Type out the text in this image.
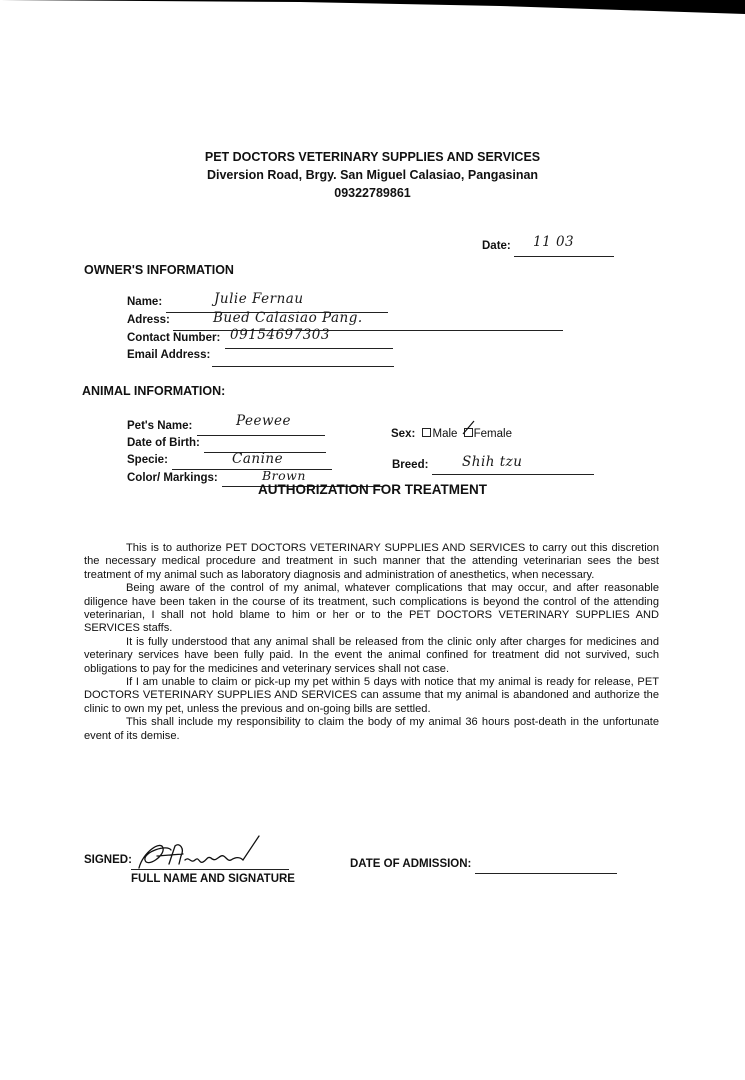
PET DOCTORS VETERINARY SUPPLIES AND SERVICES
Diversion Road, Brgy. San Miguel Calasiao, Pangasinan
09322789861
Date: 11 03
OWNER'S INFORMATION
Name:	Julie Fernau
Adress:	Bued Calasiao Pang.
Contact Number: 09154697303
Email Address:
ANIMAL INFORMATION:
Pet's Name:	Peewee
Date of Birth:
Specie:	Canine
Color/ Markings:	Brown
Sex: Male Female
Breed: Shih tzu
AUTHORIZATION FOR TREATMENT

This is to authorize PET DOCTORS VETERINARY SUPPLIES AND SERVICES to carry out this discretion the necessary medical procedure and treatment in such manner that the attending veterinarian sees the best treatment of my animal such as laboratory diagnosis and administration of anesthetics, when necessary.

Being aware of the control of my animal, whatever complications that may occur, and after reasonable diligence have been taken in the course of its treatment, such complications is beyond the control of the attending veterinarian, I shall not hold blame to him or her or to the PET DOCTORS VETERINARY SUPPLIES AND SERVICES staffs.

It is fully understood that any animal shall be released from the clinic only after charges for medicines and veterinary services have been fully paid. In the event the animal confined for treatment did not survived, such obligations to pay for the medicines and veterinary services shall not case.

If I am unable to claim or pick-up my pet within 5 days with notice that my animal is ready for release, PET DOCTORS VETERINARY SUPPLIES AND SERVICES can assume that my animal is abandoned and authorize the clinic to own my pet, unless the previous and on-going bills are settled.

This shall include my responsibility to claim the body of my animal 36 hours post-death in the unfortunate event of its demise.

SIGNED:
FULL NAME AND SIGNATURE
DATE OF ADMISSION:
